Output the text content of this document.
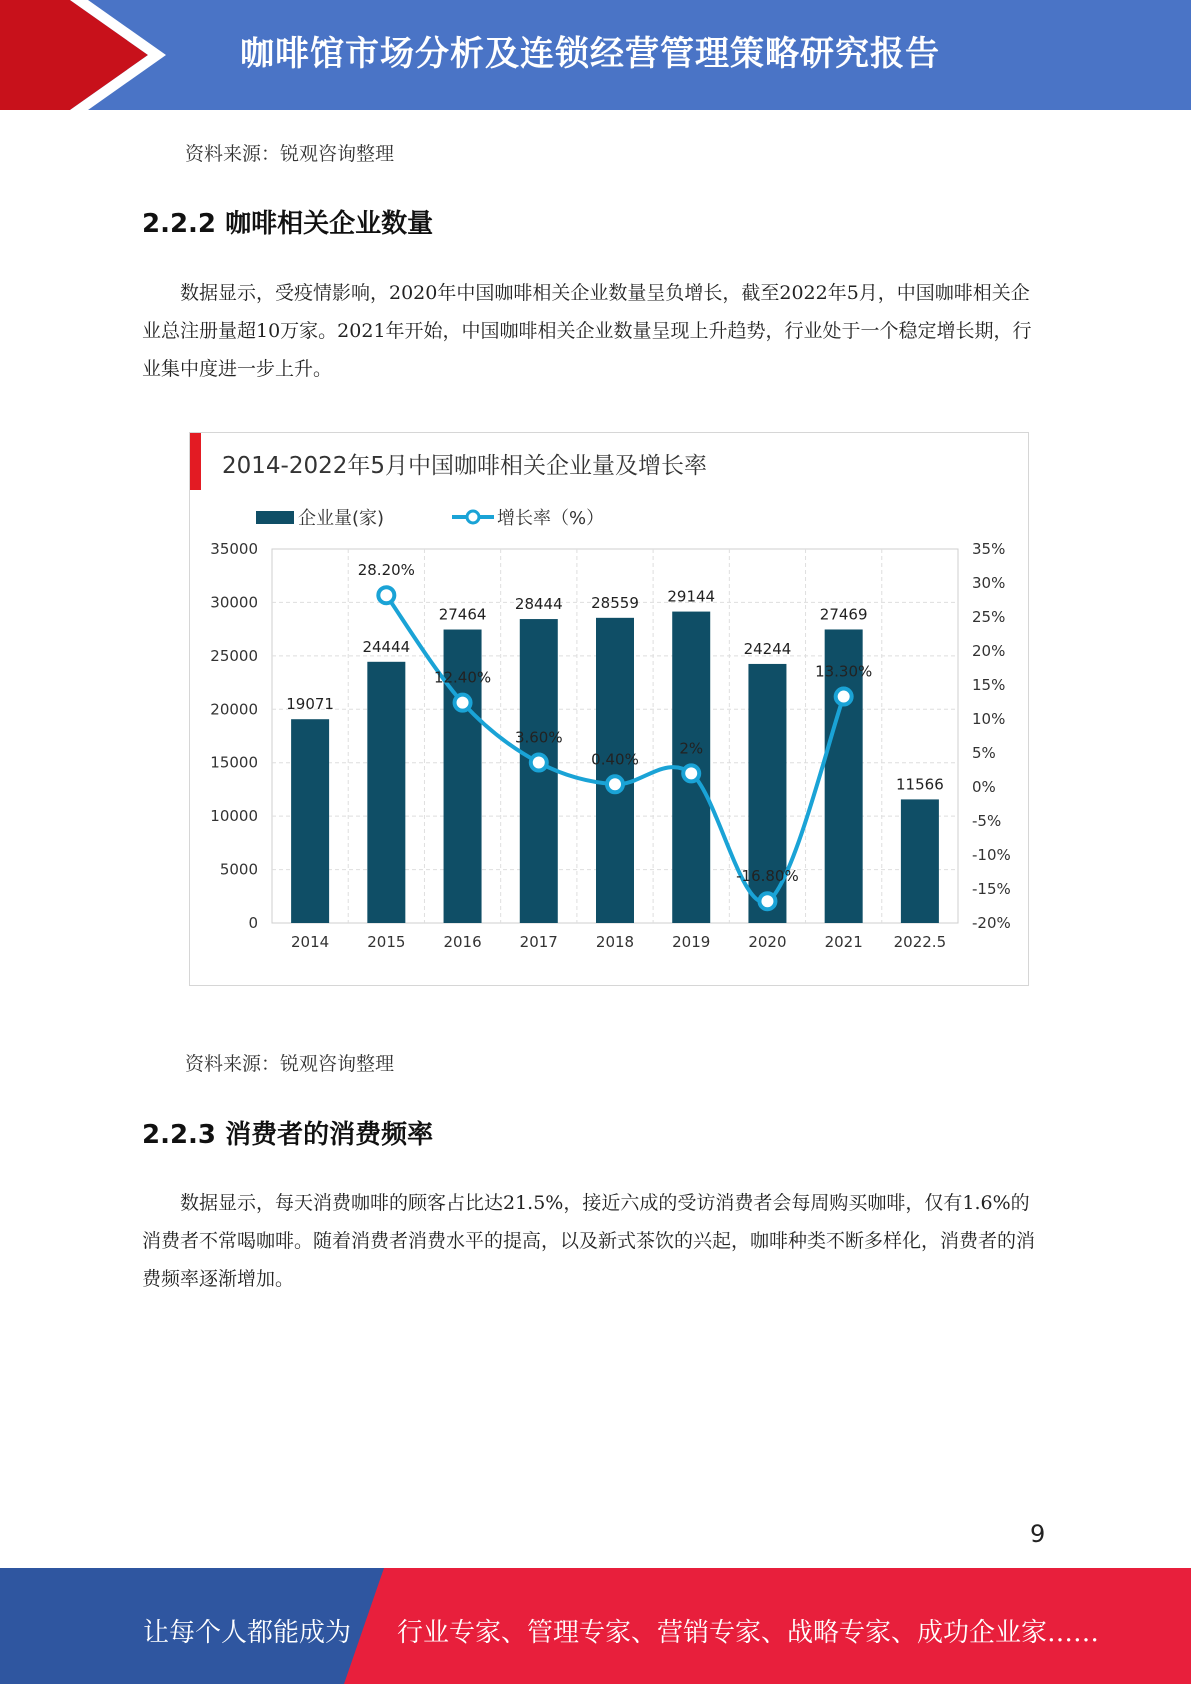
咖啡馆市场分析及连锁经营管理策略研究报告
资料来源：锐观咨询整理
2.2.2 咖啡相关企业数量
数据显示，受疫情影响，2020年中国咖啡相关企业数量呈负增长，截至2022年5月，中国咖啡相关企业总注册量超10万家。2021年开始，中国咖啡相关企业数量呈现上升趋势，行业处于一个稳定增长期，行业集中度进一步上升。
2014-2022年5月中国咖啡相关企业量及增长率
企业量(家)	增长率（%）
0
5000
10000
15000
20000
25000
30000
35000
-20%
-15%
-10%
-5%
0%
5%
10%
15%
20%
25%
30%
35%
19071
24444
27464
28444 28559 29144
24244
27469
11566
2014	2015	2016	2017	2018	2019	2020	2021 2022.5
28.20%
12.40%
3.60%
0.40%
2%
-16.80%
13.30%
资料来源：锐观咨询整理
2.2.3 消费者的消费频率
数据显示，每天消费咖啡的顾客占比达21.5%，接近六成的受访消费者会每周购买咖啡，仅有1.6%的消费者不常喝咖啡。随着消费者消费水平的提高，以及新式茶饮的兴起，咖啡种类不断多样化，消费者的消费频率逐渐增加。
9
让每个人都能成为 行业专家、管理专家、营销专家、战略专家、成功企业家……
